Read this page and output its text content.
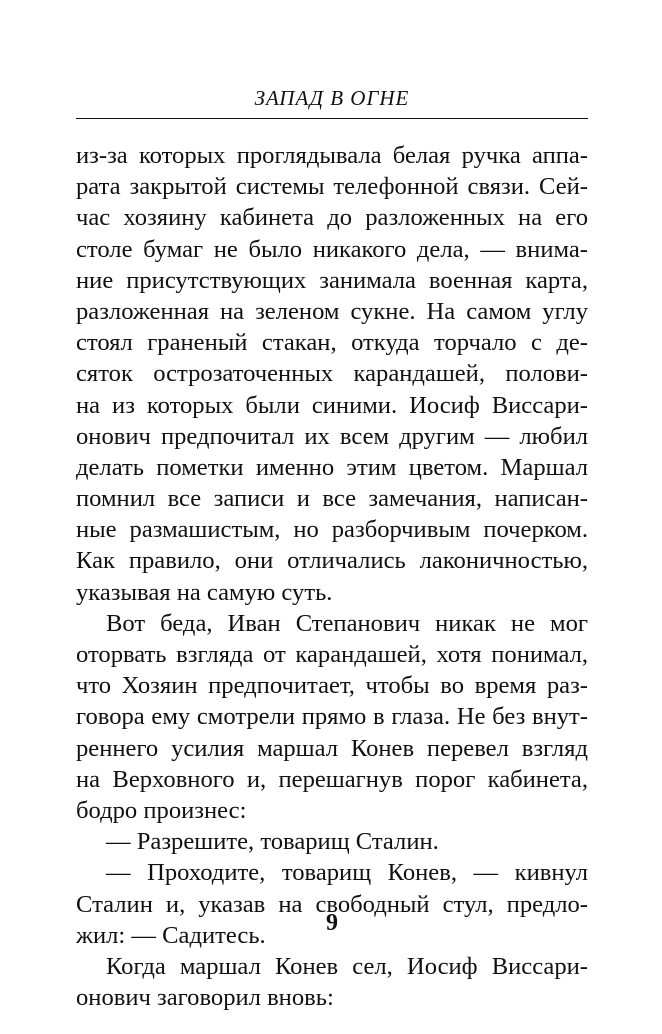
ЗАПАД В ОГНЕ
из-за которых проглядывала белая ручка аппа-
рата закрытой системы телефонной связи. Сей-
час хозяину кабинета до разложенных на его
столе бумаг не было никакого дела, — внима-
ние присутствующих занимала военная карта,
разложенная на зеленом сукне. На самом углу
стоял граненый стакан, откуда торчало с де-
сяток острозаточенных карандашей, полови-
на из которых были синими. Иосиф Виссари-
онович предпочитал их всем другим — любил
делать пометки именно этим цветом. Маршал
помнил все записи и все замечания, написан-
ные размашистым, но разборчивым почерком.
Как правило, они отличались лаконичностью,
указывая на самую суть.
Вот беда, Иван Степанович никак не мог
оторвать взгляда от карандашей, хотя понимал,
что Хозяин предпочитает, чтобы во время раз-
говора ему смотрели прямо в глаза. Не без внут-
реннего усилия маршал Конев перевел взгляд
на Верховного и, перешагнув порог кабинета,
бодро произнес:
— Разрешите, товарищ Сталин.
— Проходите, товарищ Конев, — кивнул
Сталин и, указав на свободный стул, предло-
жил: — Садитесь.
Когда маршал Конев сел, Иосиф Виссари-
онович заговорил вновь:
9
